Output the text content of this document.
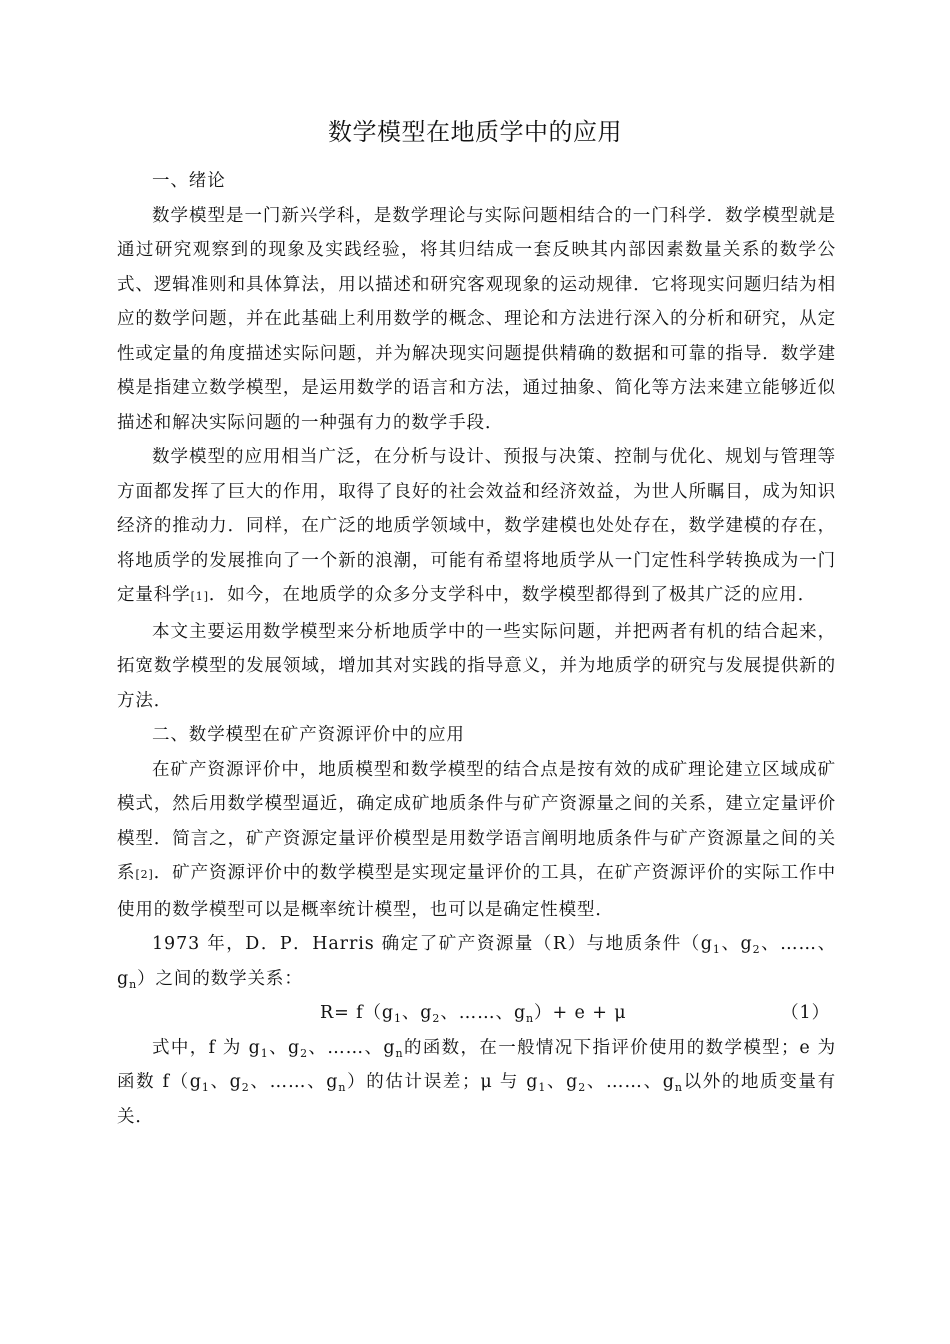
数学模型在地质学中的应用

一、绪论

数学模型是一门新兴学科，是数学理论与实际问题相结合的一门科学．数学模型就是通过研究观察到的现象及实践经验，将其归结成一套反映其内部因素数量关系的数学公式、逻辑准则和具体算法，用以描述和研究客观现象的运动规律．它将现实问题归结为相应的数学问题，并在此基础上利用数学的概念、理论和方法进行深入的分析和研究，从定性或定量的角度描述实际问题，并为解决现实问题提供精确的数据和可靠的指导．数学建模是指建立数学模型，是运用数学的语言和方法，通过抽象、简化等方法来建立能够近似描述和解决实际问题的一种强有力的数学手段．

数学模型的应用相当广泛，在分析与设计、预报与决策、控制与优化、规划与管理等方面都发挥了巨大的作用，取得了良好的社会效益和经济效益，为世人所瞩目，成为知识经济的推动力．同样，在广泛的地质学领域中，数学建模也处处存在，数学建模的存在，将地质学的发展推向了一个新的浪潮，可能有希望将地质学从一门定性科学转换成为一门定量科学[1]．如今，在地质学的众多分支学科中，数学模型都得到了极其广泛的应用．

本文主要运用数学模型来分析地质学中的一些实际问题，并把两者有机的结合起来，拓宽数学模型的发展领域，增加其对实践的指导意义，并为地质学的研究与发展提供新的方法．

二、数学模型在矿产资源评价中的应用

在矿产资源评价中，地质模型和数学模型的结合点是按有效的成矿理论建立区域成矿模式，然后用数学模型逼近，确定成矿地质条件与矿产资源量之间的关系，建立定量评价模型．简言之，矿产资源定量评价模型是用数学语言阐明地质条件与矿产资源量之间的关系[2]．矿产资源评价中的数学模型是实现定量评价的工具，在矿产资源评价的实际工作中使用的数学模型可以是概率统计模型，也可以是确定性模型．

1973 年，D．P．Harris 确定了矿产资源量（R）与地质条件（$g_1$、$g_2$、……、$g_n$）之间的数学关系：

$R= f(g_1$、$g_2$、……、$g_n)+ e + \mu$	（1）

式中，f 为 $g_1$、$g_2$、……、$g_n$的函数，在一般情况下指评价使用的数学模型；e 为函数 $f(g_1$、$g_2$、……、$g_n$）的估计误差；μ 与 $g_1$、$g_2$、……、$g_n$以外的地质变量有关．
